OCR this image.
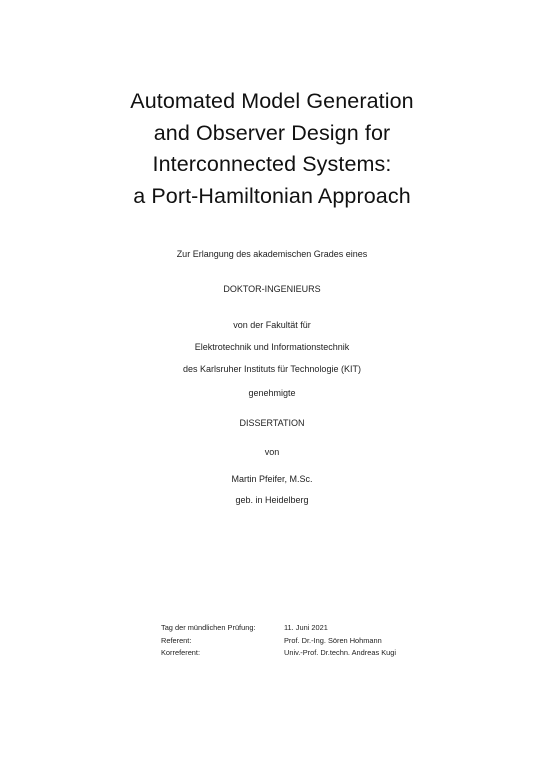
Automated Model Generation
and Observer Design for
Interconnected Systems:
a Port-Hamiltonian Approach
Zur Erlangung des akademischen Grades eines
DOKTOR-INGENIEURS
von der Fakultät für
Elektrotechnik und Informationstechnik
des Karlsruher Instituts für Technologie (KIT)
genehmigte
DISSERTATION
von
Martin Pfeifer, M.Sc.
geb. in Heidelberg
Tag der mündlichen Prüfung:	11. Juni 2021
Referent:	Prof. Dr.-Ing. Sören Hohmann
Korreferent:	Univ.-Prof. Dr.techn. Andreas Kugi
